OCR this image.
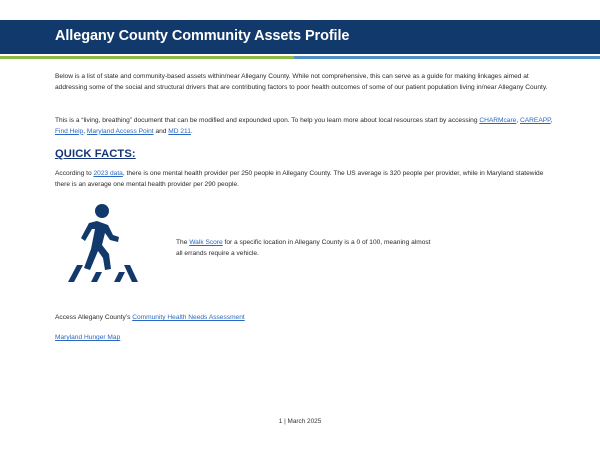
Allegany County Community Assets Profile

Below is a list of state and community-based assets within/near Allegany County. While not comprehensive, this can serve as a guide for making linkages aimed at addressing some of the social and structural drivers that are contributing factors to poor health outcomes of some of our patient population living in/near Allegany County.

This is a “living, breathing” document that can be modified and expounded upon. To help you learn more about local resources start by accessing CHARMcare, CAREAPP, Find Help, Maryland Access Point and MD 211.

QUICK FACTS:

According to 2023 data, there is one mental health provider per 250 people in Allegany County. The US average is 320 people per provider, while in Maryland statewide there is an average one mental health provider per 290 people.

The Walk Score for a specific location in Allegany County is a 0 of 100, meaning almost all errands require a vehicle.

Access Allegany County’s Community Health Needs Assessment

Maryland Hunger Map

1 | March 2025
